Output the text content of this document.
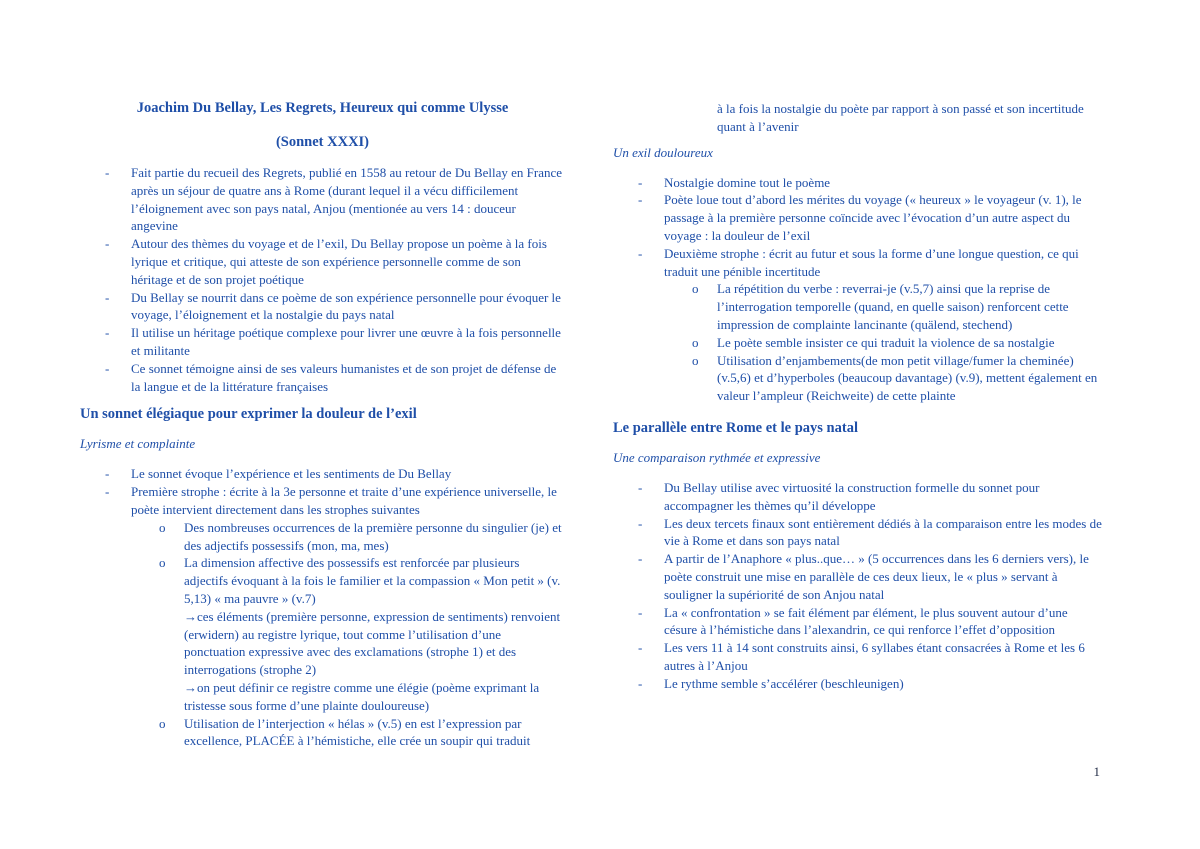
Joachim Du Bellay, Les Regrets, Heureux qui comme Ulysse
(Sonnet XXXI)
- Fait partie du recueil des Regrets, publié en 1558 au retour de Du Bellay en France après un séjour de quatre ans à Rome (durant lequel il a vécu difficilement l’éloignement avec son pays natal, Anjou (mentionée au vers 14 : douceur angevine
- Autour des thèmes du voyage et de l’exil, Du Bellay propose un poème à la fois lyrique et critique, qui atteste de son expérience personnelle comme de son héritage et de son projet poétique
- Du Bellay se nourrit dans ce poème de son expérience personnelle pour évoquer le voyage, l’éloignement et la nostalgie du pays natal
- Il utilise un héritage poétique complexe pour livrer une œuvre à la fois personnelle et militante
- Ce sonnet témoigne ainsi de ses valeurs humanistes et de son projet de défense de la langue et de la littérature françaises
Un sonnet élégiaque pour exprimer la douleur de l’exil
Lyrisme et complainte
- Le sonnet évoque l’expérience et les sentiments de Du Bellay
- Première strophe : écrite à la 3e personne et traite d’une expérience universelle, le poète intervient directement dans les strophes suivantes
o Des nombreuses occurrences de la première personne du singulier (je) et des adjectifs possessifs (mon, ma, mes)
o La dimension affective des possessifs est renforcée par plusieurs adjectifs évoquant à la fois le familier et la compassion « Mon petit » (v. 5,13) « ma pauvre » (v.7)
→ces éléments (première personne, expression de sentiments) renvoient (erwidern) au registre lyrique, tout comme l’utilisation d’une ponctuation expressive avec des exclamations (strophe 1) et des interrogations (strophe 2)
→on peut définir ce registre comme une élégie (poème exprimant la tristesse sous forme d’une plainte douloureuse)
o Utilisation de l’interjection « hélas » (v.5) en est l’expression par excellence, PLACÉE à l’hémistiche, elle crée un soupir qui traduit
à la fois la nostalgie du poète par rapport à son passé et son incertitude quant à l’avenir
Un exil douloureux
- Nostalgie domine tout le poème
- Poète loue tout d’abord les mérites du voyage (« heureux » le voyageur (v. 1), le passage à la première personne coïncide avec l’évocation d’un autre aspect du voyage : la douleur de l’exil
- Deuxième strophe : écrit au futur et sous la forme d’une longue question, ce qui traduit une pénible incertitude
o La répétition du verbe : reverrai-je (v.5,7) ainsi que la reprise de l’interrogation temporelle (quand, en quelle saison) renforcent cette impression de complainte lancinante (quälend, stechend)
o Le poète semble insister ce qui traduit la violence de sa nostalgie
o Utilisation d’enjambements(de mon petit village/fumer la cheminée) (v.5,6) et d’hyperboles (beaucoup davantage) (v.9), mettent également en valeur l’ampleur (Reichweite) de cette plainte
Le parallèle entre Rome et le pays natal
Une comparaison rythmée et expressive
- Du Bellay utilise avec virtuosité la construction formelle du sonnet pour accompagner les thèmes qu’il développe
- Les deux tercets finaux sont entièrement dédiés à la comparaison entre les modes de vie à Rome et dans son pays natal
- A partir de l’Anaphore « plus..que… » (5 occurrences dans les 6 derniers vers), le poète construit une mise en parallèle de ces deux lieux, le « plus » servant à souligner la supériorité de son Anjou natal
- La « confrontation » se fait élément par élément, le plus souvent autour d’une césure à l’hémistiche dans l’alexandrin, ce qui renforce l’effet d’opposition
- Les vers 11 à 14 sont construits ainsi, 6 syllabes étant consacrées à Rome et les 6 autres à l’Anjou
- Le rythme semble s’accélérer (beschleunigen)
1
